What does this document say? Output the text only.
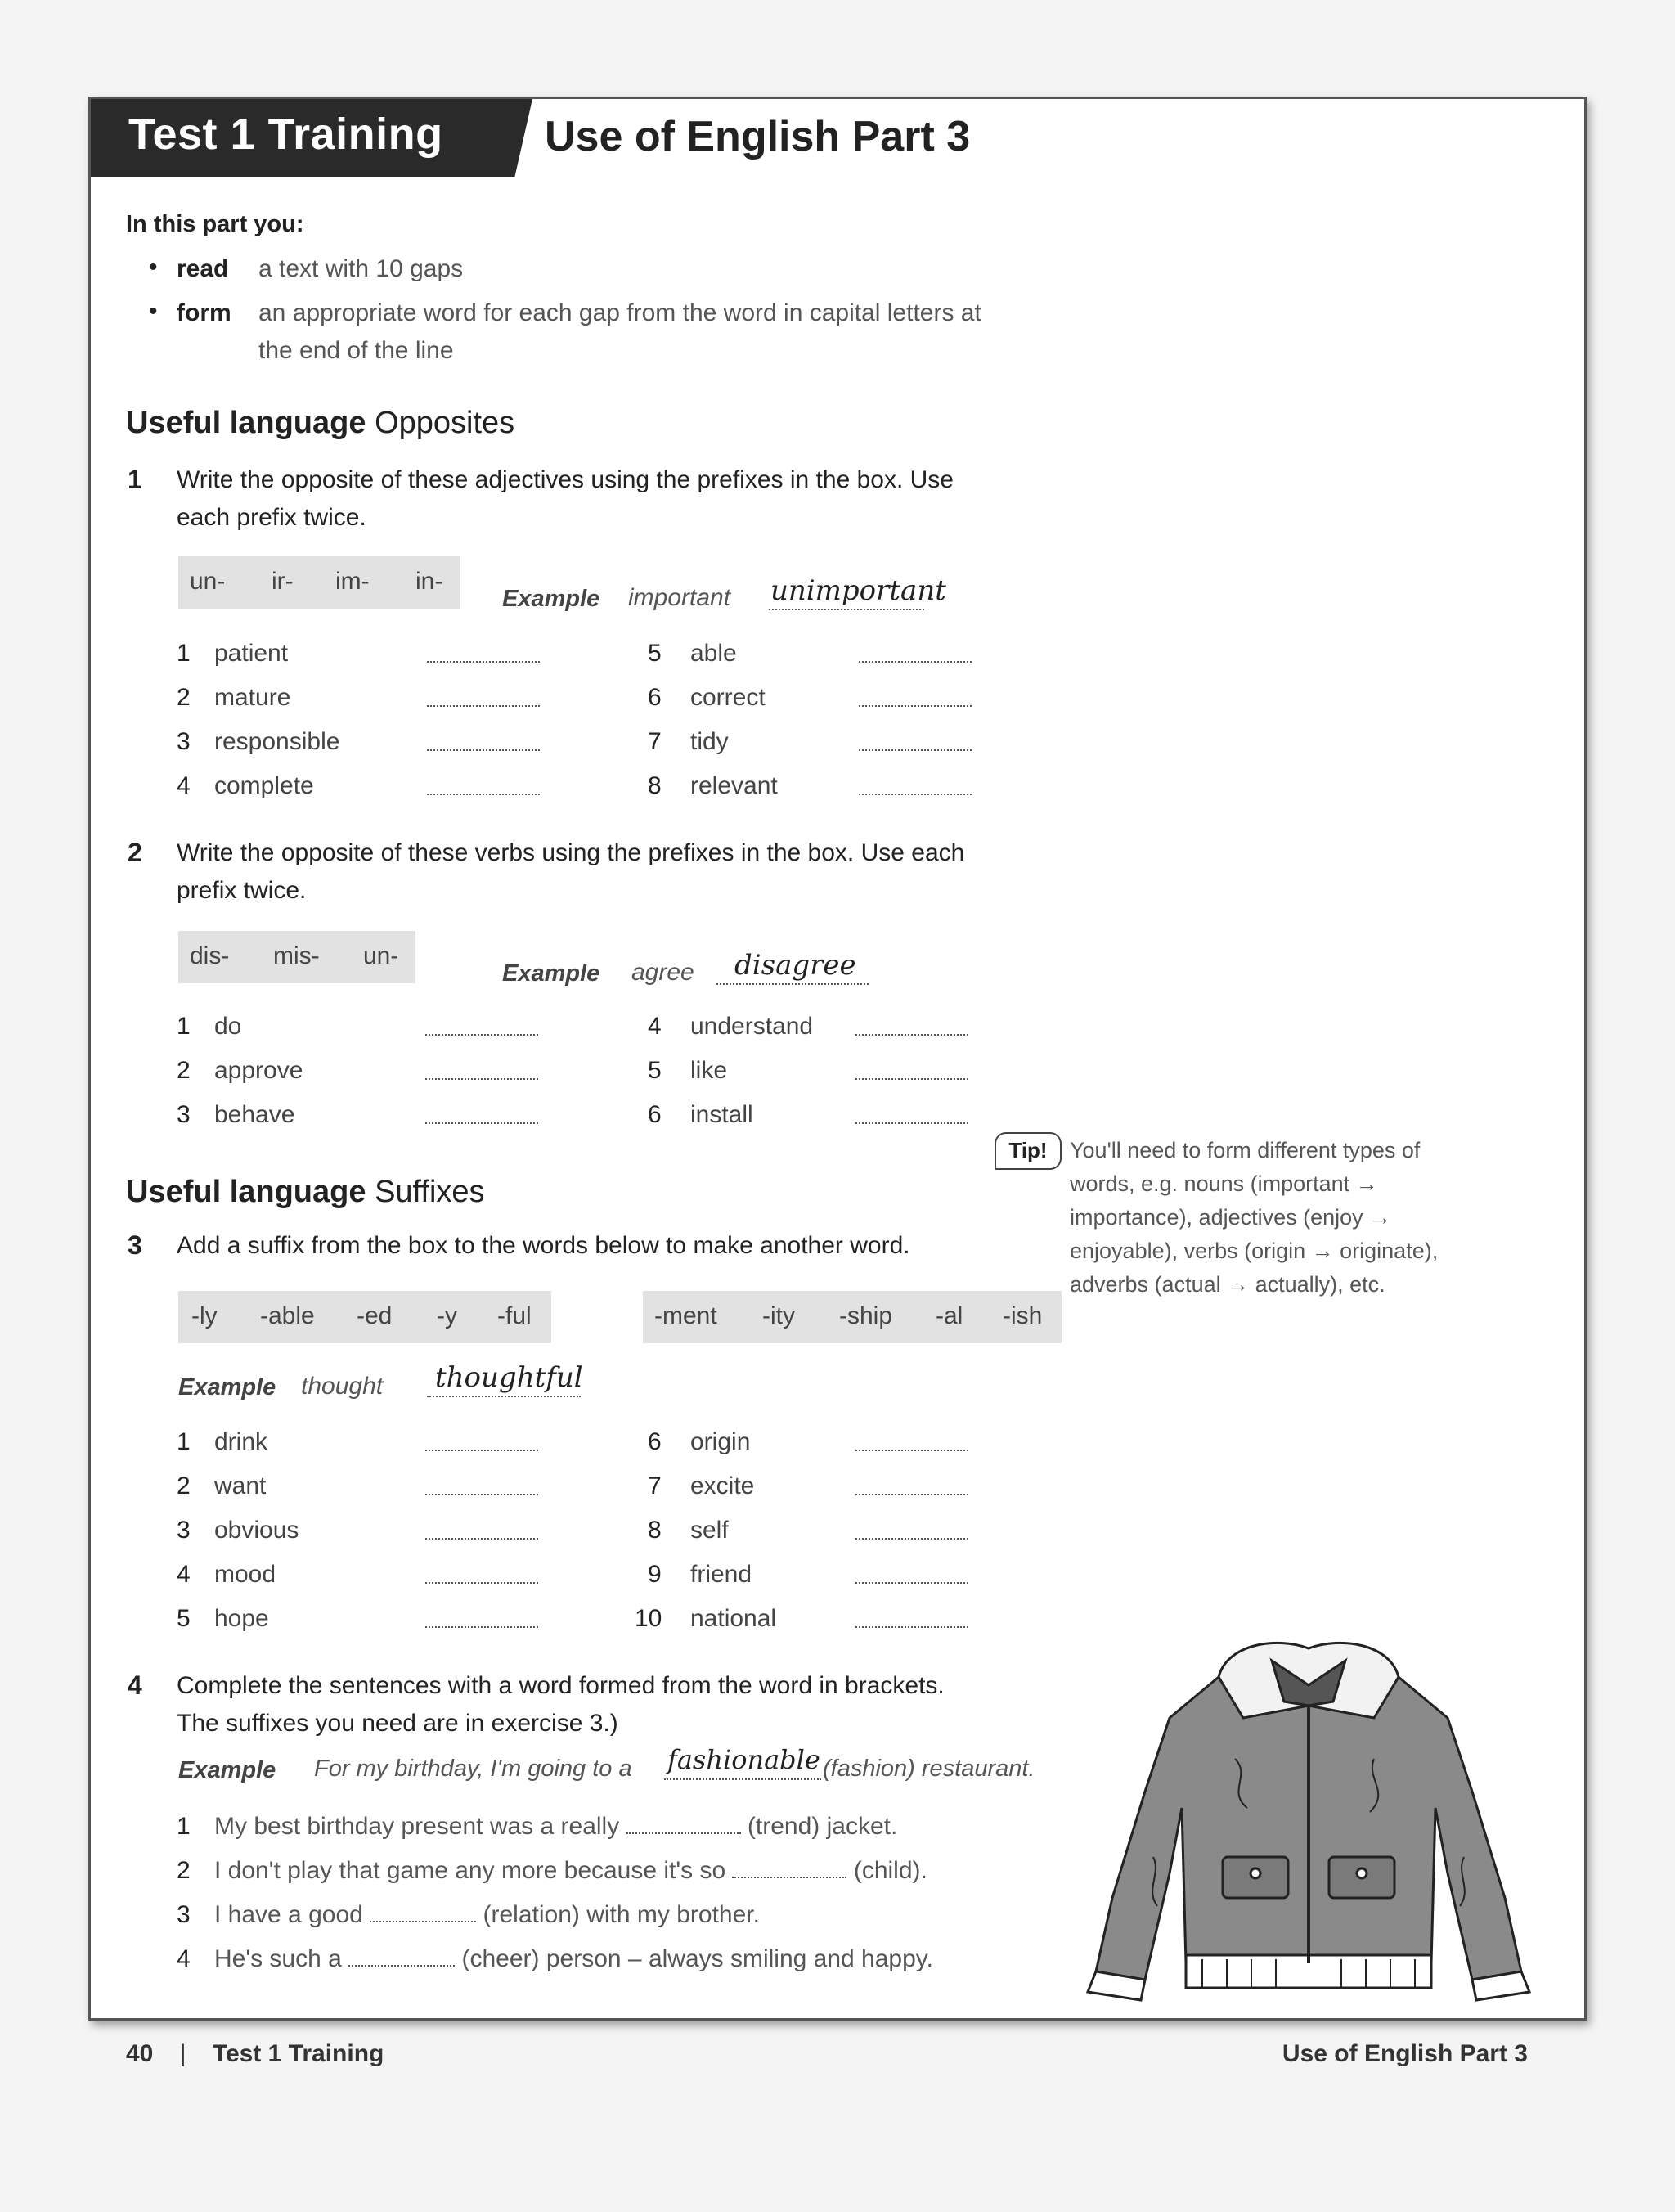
Test 1 Training Use of English Part 3
In this part you:
• read a text with 10 gaps
• form an appropriate word for each gap from the word in capital letters at
the end of the line
Useful language Opposites
1 Write the opposite of these adjectives using the prefixes in the box. Use
each prefix twice.
un- ir- im- in-
Example important unimportant
1 patient
2 mature
3 responsible
4 complete
5 able
6 correct
7 tidy
8 relevant
2 Write the opposite of these verbs using the prefixes in the box. Use each
prefix twice.
dis- mis- un-
Example agree disagree
1 do
2 approve
3 behave
4 understand
5 like
6 install
Useful language Suffixes
3 Add a suffix from the box to the words below to make another word.
-ly -able -ed -y -ful	-ment -ity -ship -al -ish
Example thought thoughtful
1 drink
2 want
3 obvious
4 mood
5 hope
6 origin
7 excite
8 self
9 friend
10 national
Tip!	You'll need to form different types of words, e.g. nouns (important → importance), adjectives (enjoy → enjoyable), verbs (origin → originate), adverbs (actual → actually), etc.
4 Complete the sentences with a word formed from the word in brackets.
The suffixes you need are in exercise 3.)
Example For my birthday, I'm going to a fashionable (fashion) restaurant.
1 My best birthday present was a really	(trend) jacket.
2 I don't play that game any more because it's so	(child).
3 I have a good	(relation) with my brother.
4 He's such a	(cheer) person – always smiling and happy.
40 | Test 1 Training	Use of English Part 3
